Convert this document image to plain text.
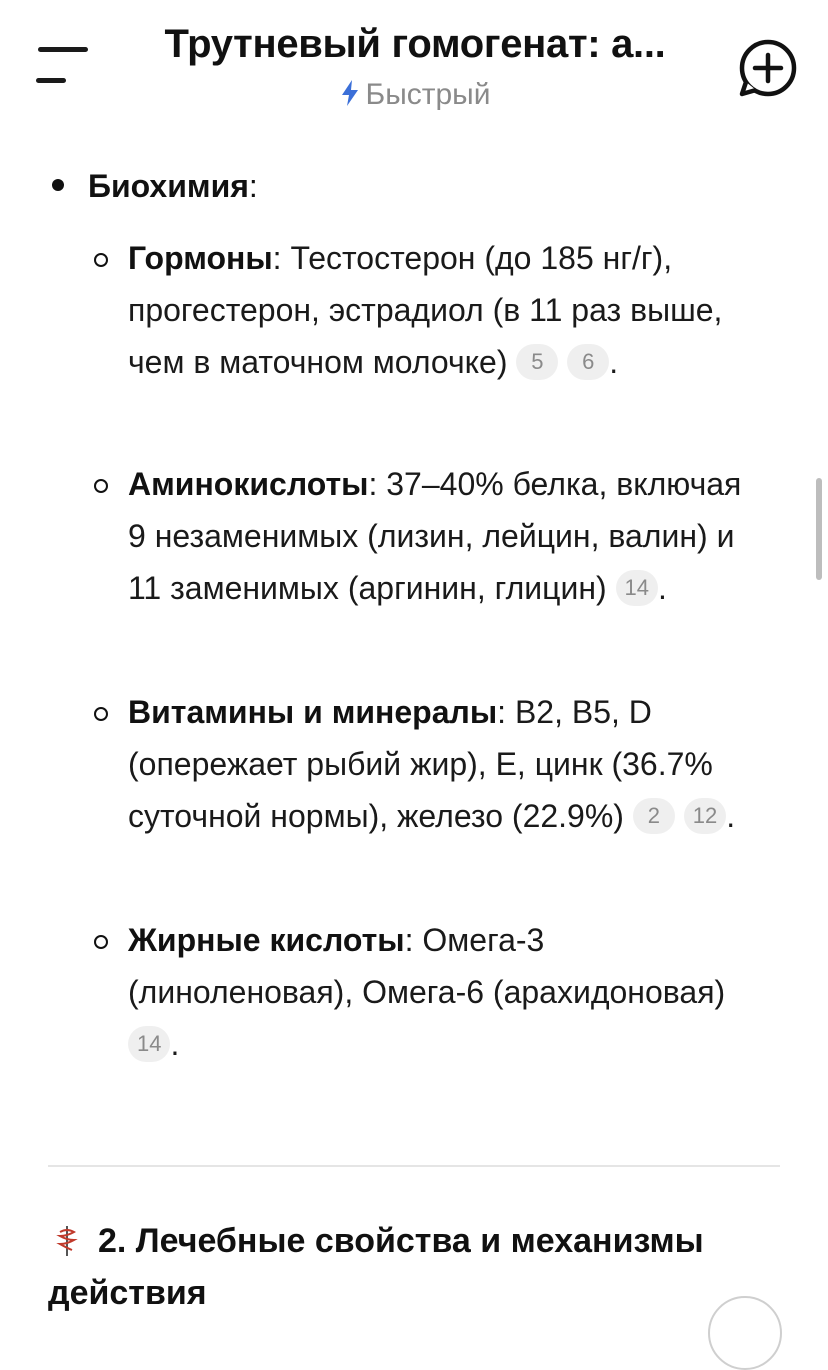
Трутневый гомогенат: а...
Быстрый
Биохимия:
Гормоны: Тестостерон (до 185 нг/г), прогестерон, эстрадиол (в 11 раз выше, чем в маточном молочке) 5 6 .
Аминокислоты: 37–40% белка, включая 9 незаменимых (лизин, лейцин, валин) и 11 заменимых (аргинин, глицин) 14 .
Витамины и минералы: B2, B5, D (опережает рыбий жир), E, цинк (36.7% суточной нормы), железо (22.9%) 2 12 .
Жирные кислоты: Омега-3 (линоленовая), Омега-6 (арахидоновая) 14 .
2. Лечебные свойства и механизмы действия
